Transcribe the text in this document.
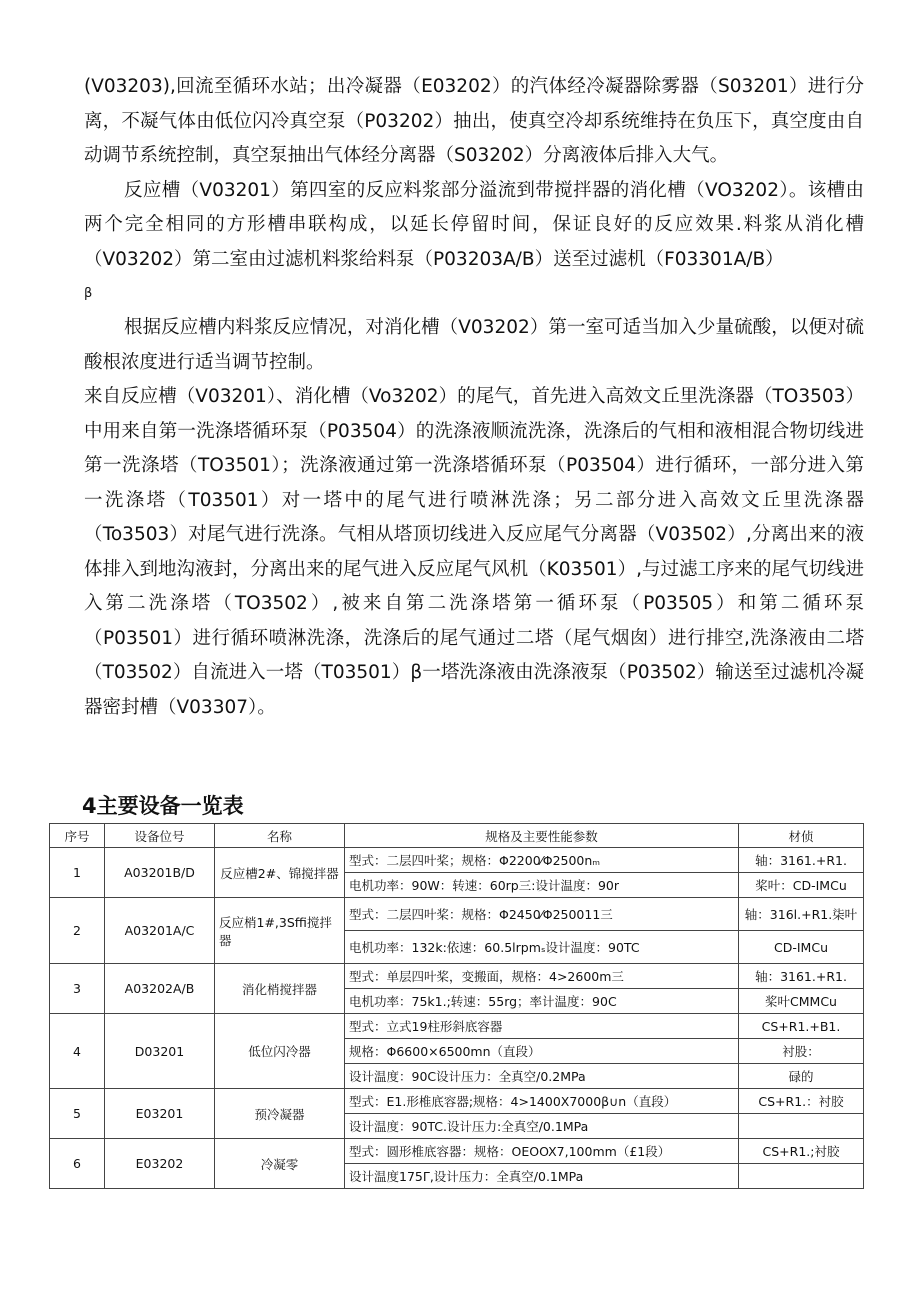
(V03203),回流至循环水站；出冷凝器（E03202）的汽体经冷凝器除雾器（S03201）进行分离，不凝气体由低位闪冷真空泵（P03202）抽出，使真空冷却系统维持在负压下，真空度由自动调节系统控制，真空泵抽出气体经分离器（S03202）分离液体后排入大气。

反应槽（V03201）第四室的反应料浆部分溢流到带搅拌器的消化槽（VO3202）。该槽由两个完全相同的方形槽串联构成，以延长停留时间，保证良好的反应效果.料浆从消化槽（V03202）第二室由过滤机料浆给料泵（P03203A/B）送至过滤机（F03301A/B）

β

根据反应槽内料浆反应情况，对消化槽（V03202）第一室可适当加入少量硫酸，以便对硫酸根浓度进行适当调节控制。

来自反应槽（V03201）、消化槽（Vo3202）的尾气，首先进入高效文丘里洗涤器（TO3503）中用来自第一洗涤塔循环泵（P03504）的洗涤液顺流洗涤，洗涤后的气相和液相混合物切线进第一洗涤塔（TO3501）；洗涤液通过第一洗涤塔循环泵（P03504）进行循环，一部分进入第一洗涤塔（T03501）对一塔中的尾气进行喷淋洗涤；另二部分进入高效文丘里洗涤器（To3503）对尾气进行洗涤。气相从塔顶切线进入反应尾气分离器（V03502）,分离出来的液体排入到地沟液封，分离出来的尾气进入反应尾气风机（K03501）,与过滤工序来的尾气切线进入第二洗涤塔（TO3502）,被来自第二洗涤塔第一循环泵（P03505）和第二循环泵（P03501）进行循环喷淋洗涤，洗涤后的尾气通过二塔（尾气烟囱）进行排空,洗涤液由二塔（T03502）自流进入一塔（T03501）β一塔洗涤液由洗涤液泵（P03502）输送至过滤机冷凝器密封槽（V03307）。

4主要设备一览表
序号	设备位号	名称	规格及主要性能参数	材侦
1	A03201B/D	反应槽2#、锦搅拌器	型式：二层四叶桨；规格：Φ2200⁄Φ2500nₘ	轴：3161.+R1.
			电机功率：90W：转速：60rp三:设计温度：90r	桨叶：CD-IMCu
2	A03201A/C	反应梢1#,3Sffi搅拌器	型式：二层四叶桨：规格：Φ2450⁄Φ250011三	轴：316l.+R1.柒叶
			电机功率：132k:依速：60.5lrpmₛ设计温度：90TC	CD-IMCu
3	A03202A/B	消化梢搅拌器	型式：单层四叶桨，变搬面，规格：4>2600m三	轴：3161.+R1.
			电机功率：75k1.;转速：55rg；率计温度：90C	桨叶CMMCu
4	D03201	低位闪冷器	型式：立式19柱形斜底容器	CS+R1.+B1.
			规格：Φ6600×6500mn（直段）	衬股：
			设计温度：90C设计压力：全真空/0.2MPa	碌的
5	E03201	预冷凝器	型式：E1.形椎底容器;规格：4>1400X7000β∪n（直段）	CS+R1.：衬胶
			设计温度：90TC.设计压力:全真空/0.1MPa	
6	E03202	冷凝零	型式：圆形椎底容器：规格：OEOOX7,100mm（£1段）	CS+R1.;衬胶
			设计温度175Γ,设计压力：全真空/0.1MPa	
